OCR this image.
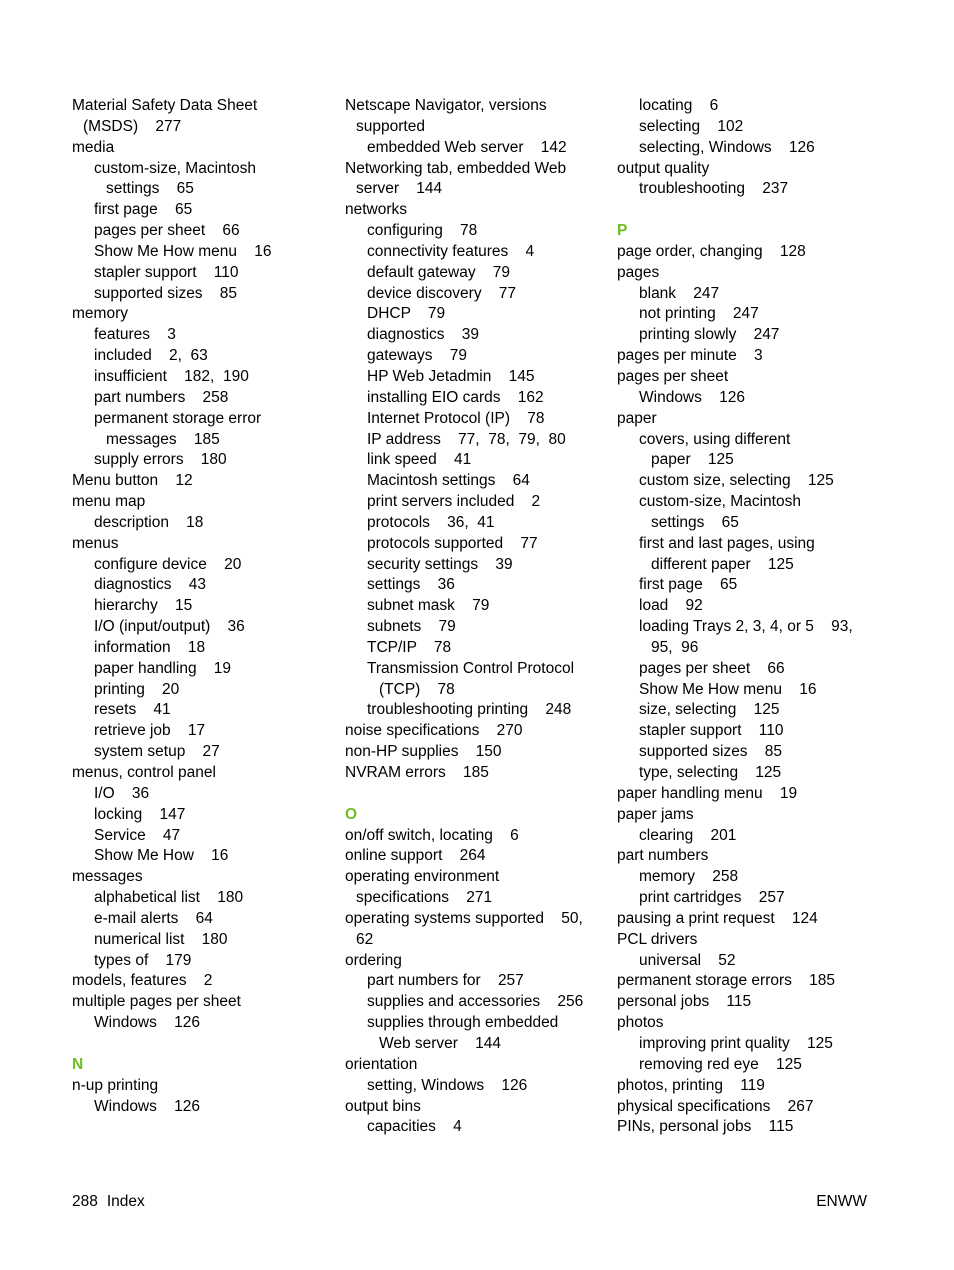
Material Safety Data Sheet
(MSDS)    277
media
custom-size, Macintosh
settings    65
first page    65
pages per sheet    66
Show Me How menu    16
stapler support    110
supported sizes    85
memory
features    3
included    2,  63
insufficient    182,  190
part numbers    258
permanent storage error
messages    185
supply errors    180
Menu button    12
menu map
description    18
menus
configure device    20
diagnostics    43
hierarchy    15
I/O (input/output)    36
information    18
paper handling    19
printing    20
resets    41
retrieve job    17
system setup    27
menus, control panel
I/O    36
locking    147
Service    47
Show Me How    16
messages
alphabetical list    180
e-mail alerts    64
numerical list    180
types of    179
models, features    2
multiple pages per sheet
Windows    126
N
n-up printing
Windows    126
Netscape Navigator, versions
supported
embedded Web server    142
Networking tab, embedded Web
server    144
networks
configuring    78
connectivity features    4
default gateway    79
device discovery    77
DHCP    79
diagnostics    39
gateways    79
HP Web Jetadmin    145
installing EIO cards    162
Internet Protocol (IP)    78
IP address    77,  78,  79,  80
link speed    41
Macintosh settings    64
print servers included    2
protocols    36,  41
protocols supported    77
security settings    39
settings    36
subnet mask    79
subnets    79
TCP/IP    78
Transmission Control Protocol
(TCP)    78
troubleshooting printing    248
noise specifications    270
non-HP supplies    150
NVRAM errors    185
O
on/off switch, locating    6
online support    264
operating environment
specifications    271
operating systems supported    50,
62
ordering
part numbers for    257
supplies and accessories    256
supplies through embedded
Web server    144
orientation
setting, Windows    126
output bins
capacities    4
locating    6
selecting    102
selecting, Windows    126
output quality
troubleshooting    237
P
page order, changing    128
pages
blank    247
not printing    247
printing slowly    247
pages per minute    3
pages per sheet
Windows    126
paper
covers, using different
paper    125
custom size, selecting    125
custom-size, Macintosh
settings    65
first and last pages, using
different paper    125
first page    65
load    92
loading Trays 2, 3, 4, or 5    93,
95,  96
pages per sheet    66
Show Me How menu    16
size, selecting    125
stapler support    110
supported sizes    85
type, selecting    125
paper handling menu    19
paper jams
clearing    201
part numbers
memory    258
print cartridges    257
pausing a print request    124
PCL drivers
universal    52
permanent storage errors    185
personal jobs    115
photos
improving print quality    125
removing red eye    125
photos, printing    119
physical specifications    267
PINs, personal jobs    115
288 Index	ENWW
